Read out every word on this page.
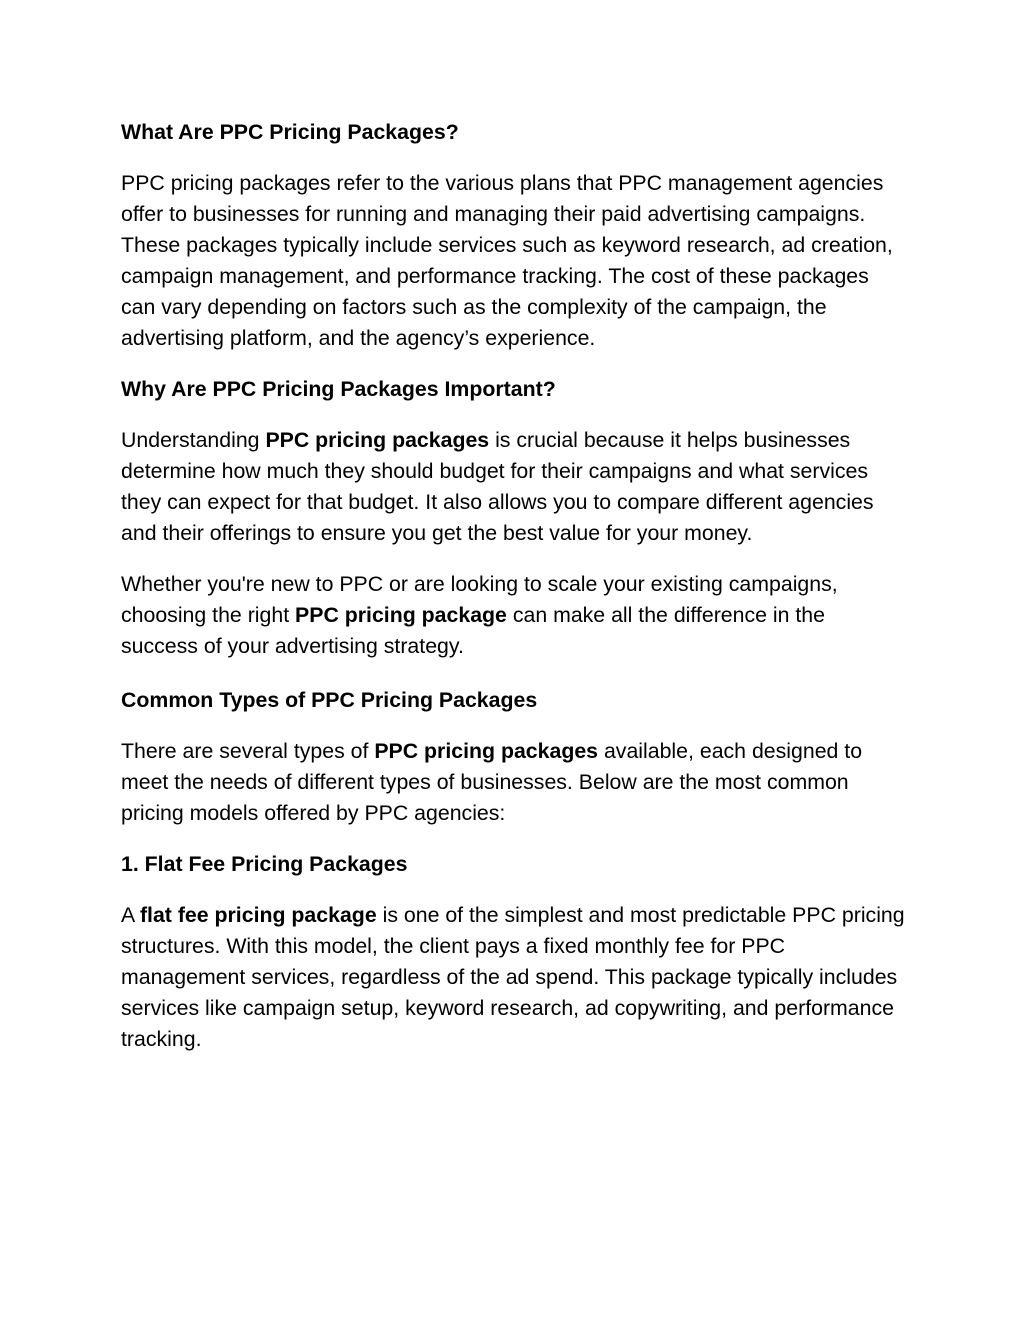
What Are PPC Pricing Packages?

PPC pricing packages refer to the various plans that PPC management agencies offer to businesses for running and managing their paid advertising campaigns. These packages typically include services such as keyword research, ad creation, campaign management, and performance tracking. The cost of these packages can vary depending on factors such as the complexity of the campaign, the advertising platform, and the agency’s experience.

Why Are PPC Pricing Packages Important?

Understanding PPC pricing packages is crucial because it helps businesses determine how much they should budget for their campaigns and what services they can expect for that budget. It also allows you to compare different agencies and their offerings to ensure you get the best value for your money.

Whether you're new to PPC or are looking to scale your existing campaigns, choosing the right PPC pricing package can make all the difference in the success of your advertising strategy.

Common Types of PPC Pricing Packages

There are several types of PPC pricing packages available, each designed to meet the needs of different types of businesses. Below are the most common pricing models offered by PPC agencies:

1. Flat Fee Pricing Packages

A flat fee pricing package is one of the simplest and most predictable PPC pricing structures. With this model, the client pays a fixed monthly fee for PPC management services, regardless of the ad spend. This package typically includes services like campaign setup, keyword research, ad copywriting, and performance tracking.
